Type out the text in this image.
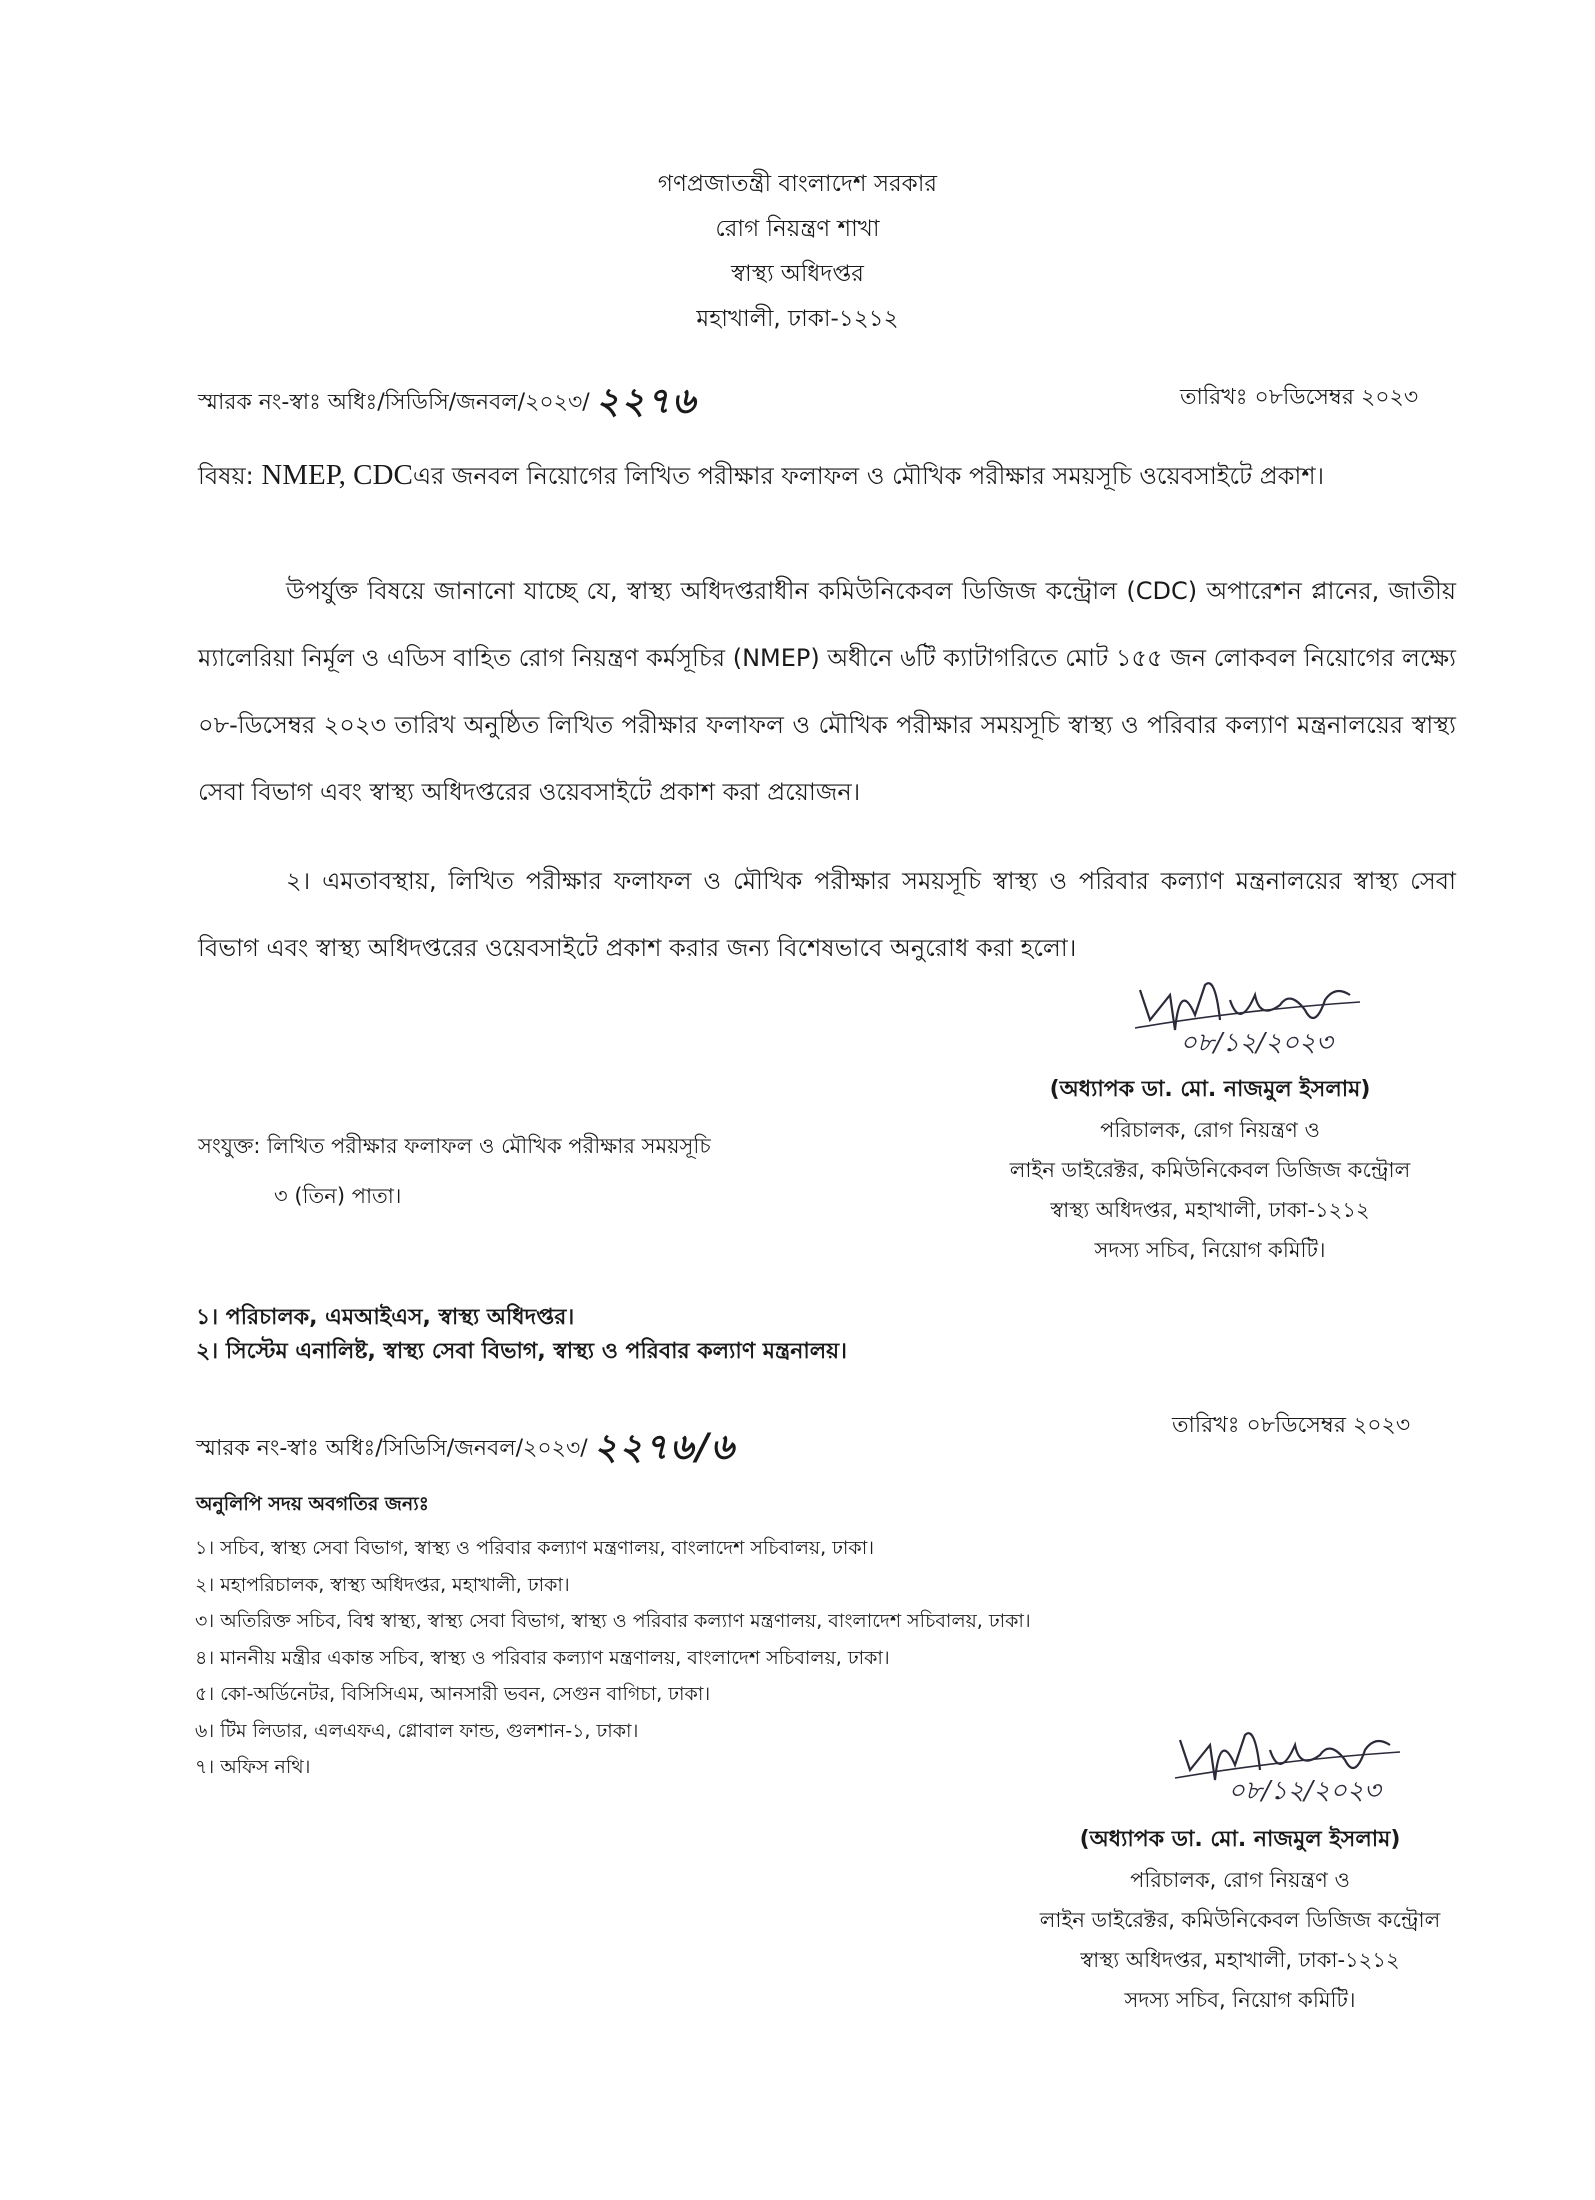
গণপ্রজাতন্ত্রী বাংলাদেশ সরকার
রোগ নিয়ন্ত্রণ শাখা
স্বাস্থ্য অধিদপ্তর
মহাখালী, ঢাকা-১২১২
স্মারক নং-স্বাঃ অধিঃ/সিডিসি/জনবল/২০২৩/ ২২৭৬	তারিখঃ ০৮ডিসেম্বর ২০২৩
বিষয়: NMEP, CDCএর জনবল নিয়োগের লিখিত পরীক্ষার ফলাফল ও মৌখিক পরীক্ষার সময়সূচি ওয়েবসাইটে প্রকাশ।
উপর্যুক্ত বিষয়ে জানানো যাচ্ছে যে, স্বাস্থ্য অধিদপ্তরাধীন কমিউনিকেবল ডিজিজ কন্ট্রোল (CDC) অপারেশন প্লানের, জাতীয় ম্যালেরিয়া নির্মূল ও এডিস বাহিত রোগ নিয়ন্ত্রণ কর্মসূচির (NMEP) অধীনে ৬টি ক্যাটাগরিতে মোট ১৫৫ জন লোকবল নিয়োগের লক্ষ্যে ০৮-ডিসেম্বর ২০২৩ তারিখ অনুষ্ঠিত লিখিত পরীক্ষার ফলাফল ও মৌখিক পরীক্ষার সময়সূচি স্বাস্থ্য ও পরিবার কল্যাণ মন্ত্রনালয়ের স্বাস্থ্য সেবা বিভাগ এবং স্বাস্থ্য অধিদপ্তরের ওয়েবসাইটে প্রকাশ করা প্রয়োজন।
২। এমতাবস্থায়, লিখিত পরীক্ষার ফলাফল ও মৌখিক পরীক্ষার সময়সূচি স্বাস্থ্য ও পরিবার কল্যাণ মন্ত্রনালয়ের স্বাস্থ্য সেবা বিভাগ এবং স্বাস্থ্য অধিদপ্তরের ওয়েবসাইটে প্রকাশ করার জন্য বিশেষভাবে অনুরোধ করা হলো।
০৮/১২/২০২৩
(অধ্যাপক ডা. মো. নাজমুল ইসলাম)
পরিচালক, রোগ নিয়ন্ত্রণ ও
লাইন ডাইরেক্টর, কমিউনিকেবল ডিজিজ কন্ট্রোল
স্বাস্থ্য অধিদপ্তর, মহাখালী, ঢাকা-১২১২
সদস্য সচিব, নিয়োগ কমিটি।
সংযুক্ত: লিখিত পরীক্ষার ফলাফল ও মৌখিক পরীক্ষার সময়সূচি
৩ (তিন) পাতা।
১। পরিচালক, এমআইএস, স্বাস্থ্য অধিদপ্তর।
২। সিস্টেম এনালিষ্ট, স্বাস্থ্য সেবা বিভাগ, স্বাস্থ্য ও পরিবার কল্যাণ মন্ত্রনালয়।
স্মারক নং-স্বাঃ অধিঃ/সিডিসি/জনবল/২০২৩/ ২২৭৬/৬
তারিখঃ ০৮ডিসেম্বর ২০২৩
অনুলিপি সদয় অবগতির জন্যঃ
১। সচিব, স্বাস্থ্য সেবা বিভাগ, স্বাস্থ্য ও পরিবার কল্যাণ মন্ত্রণালয়, বাংলাদেশ সচিবালয়, ঢাকা।
২। মহাপরিচালক, স্বাস্থ্য অধিদপ্তর, মহাখালী, ঢাকা।
৩। অতিরিক্ত সচিব, বিশ্ব স্বাস্থ্য, স্বাস্থ্য সেবা বিভাগ, স্বাস্থ্য ও পরিবার কল্যাণ মন্ত্রণালয়, বাংলাদেশ সচিবালয়, ঢাকা।
৪। মাননীয় মন্ত্রীর একান্ত সচিব, স্বাস্থ্য ও পরিবার কল্যাণ মন্ত্রণালয়, বাংলাদেশ সচিবালয়, ঢাকা।
৫। কো-অর্ডিনেটর, বিসিসিএম, আনসারী ভবন, সেগুন বাগিচা, ঢাকা।
৬। টিম লিডার, এলএফএ, গ্লোবাল ফান্ড, গুলশান-১, ঢাকা।
৭। অফিস নথি।
০৮/১২/২০২৩
(অধ্যাপক ডা. মো. নাজমুল ইসলাম)
পরিচালক, রোগ নিয়ন্ত্রণ ও
লাইন ডাইরেক্টর, কমিউনিকেবল ডিজিজ কন্ট্রোল
স্বাস্থ্য অধিদপ্তর, মহাখালী, ঢাকা-১২১২
সদস্য সচিব, নিয়োগ কমিটি।
